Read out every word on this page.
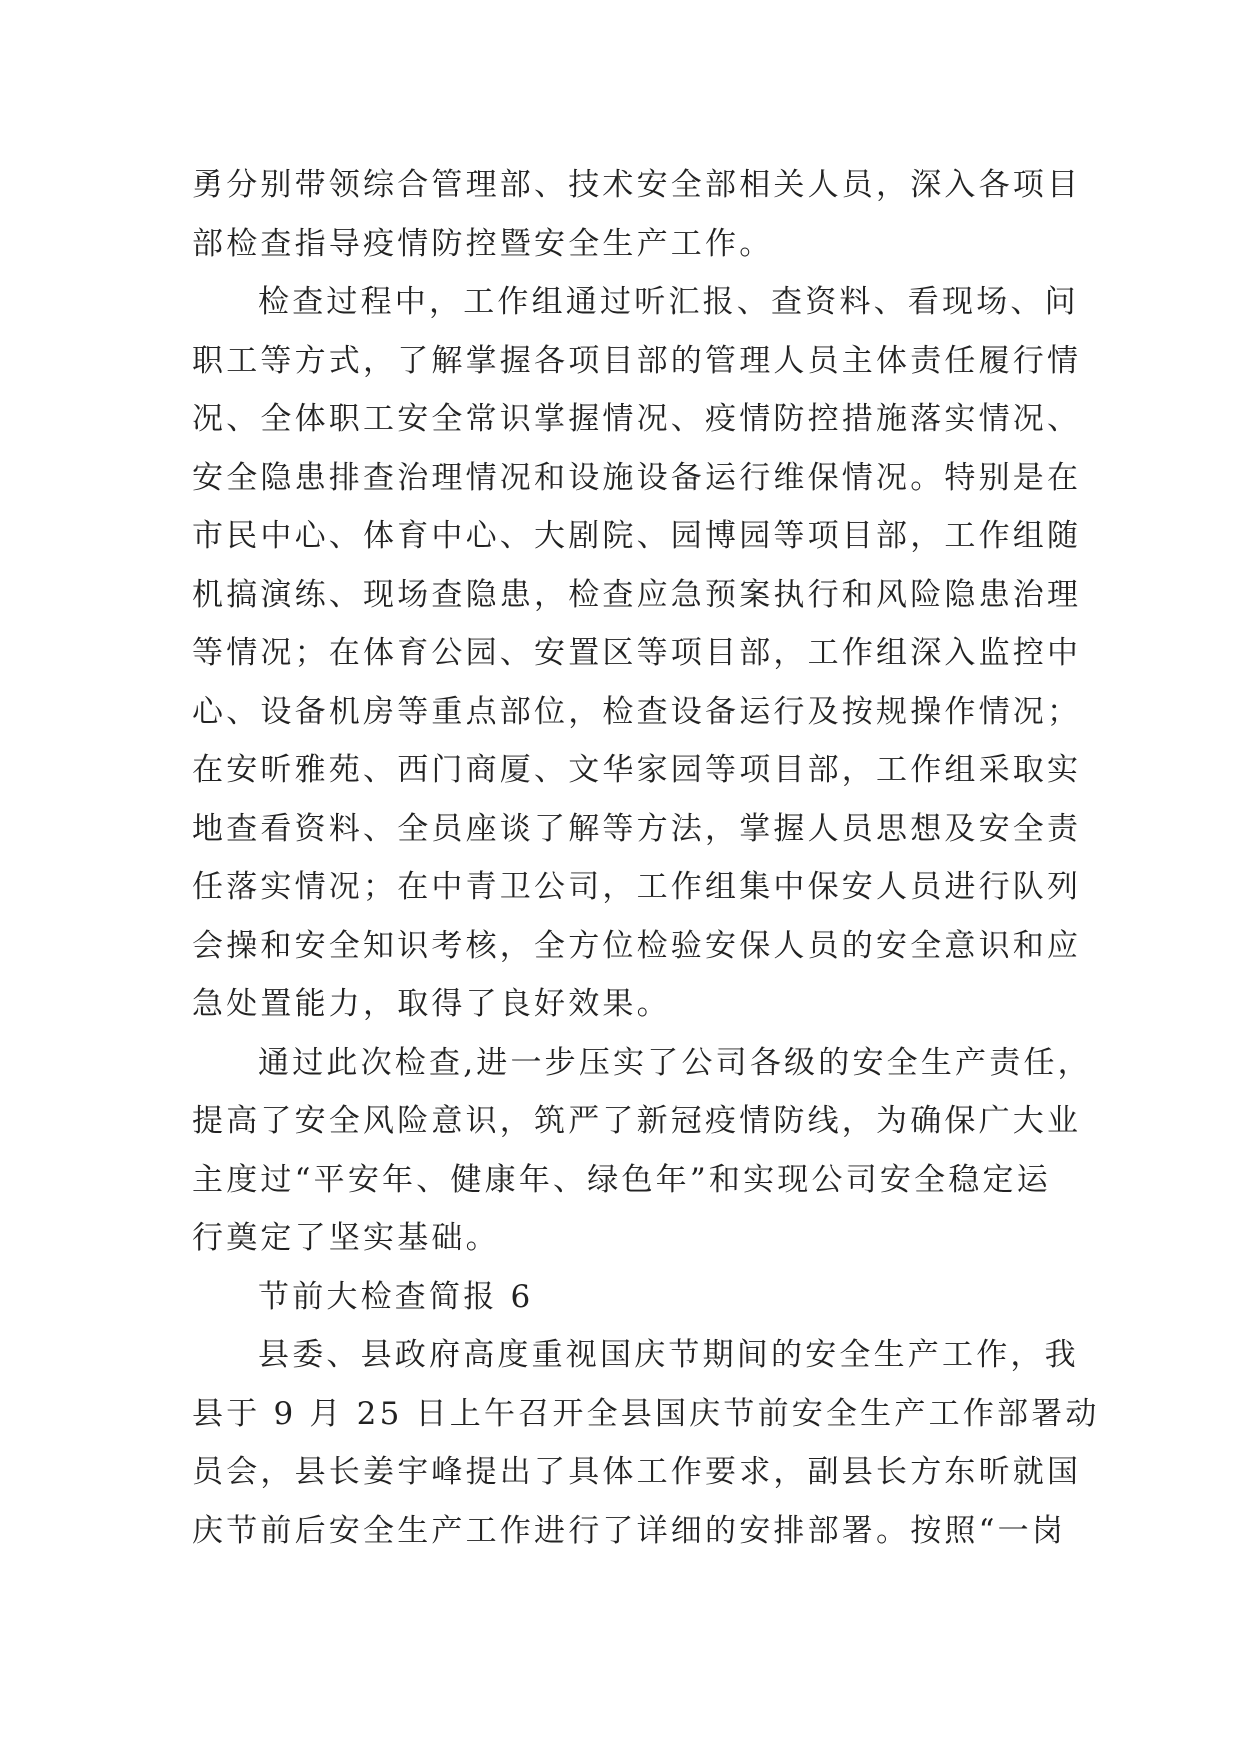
勇分别带领综合管理部、技术安全部相关人员，深入各项目
部检查指导疫情防控暨安全生产工作。
检查过程中，工作组通过听汇报、查资料、看现场、问
职工等方式，了解掌握各项目部的管理人员主体责任履行情
况、全体职工安全常识掌握情况、疫情防控措施落实情况、
安全隐患排查治理情况和设施设备运行维保情况。特别是在
市民中心、体育中心、大剧院、园博园等项目部，工作组随
机搞演练、现场查隐患，检查应急预案执行和风险隐患治理
等情况；在体育公园、安置区等项目部，工作组深入监控中
心、设备机房等重点部位，检查设备运行及按规操作情况；
在安昕雅苑、西门商厦、文华家园等项目部，工作组采取实
地查看资料、全员座谈了解等方法，掌握人员思想及安全责
任落实情况；在中青卫公司，工作组集中保安人员进行队列
会操和安全知识考核，全方位检验安保人员的安全意识和应
急处置能力，取得了良好效果。
通过此次检查,进一步压实了公司各级的安全生产责任，
提高了安全风险意识，筑严了新冠疫情防线，为确保广大业
主度过“平安年、健康年、绿色年”和实现公司安全稳定运
行奠定了坚实基础。
节前大检查简报 6
县委、县政府高度重视国庆节期间的安全生产工作，我
县于 9 月 25 日上午召开全县国庆节前安全生产工作部署动
员会，县长姜宇峰提出了具体工作要求，副县长方东昕就国
庆节前后安全生产工作进行了详细的安排部署。按照“一岗
